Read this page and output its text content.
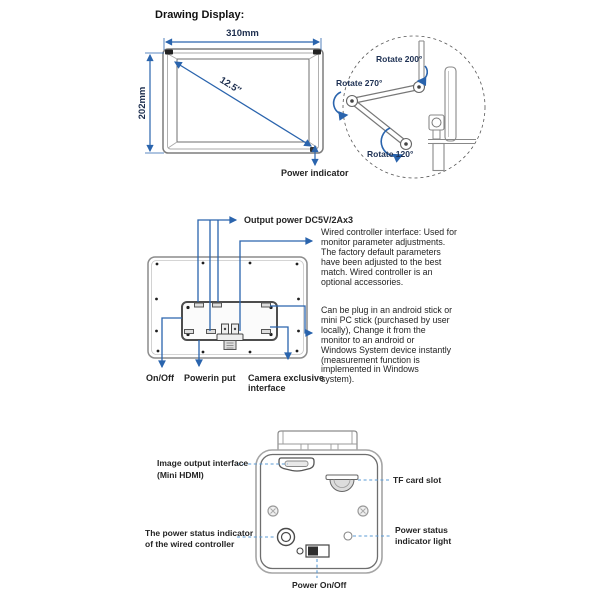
Drawing Display:
310mm
202mm
12.5″
Power indicator
Rotate 200°
Rotate 270°
Rotate 120°
Output power DC5V/2Ax3
Wired controller interface: Used for
monitor parameter adjustments.
The factory default parameters
have been adjusted to the best
match. Wired controller is an
optional accessories.
Can be plug in an android stick or
mini PC stick (purchased by user
locally), Change it from the
monitor to an android or
Windows System device instantly
(measurement function is
implemented in Windows
system).
On/Off Powerin put Camera exclusive
interface
Image output interface
(Mini HDMI)	TF card slot
The power status indicator
of the wired controller
Power status
indicator light
Power On/Off
